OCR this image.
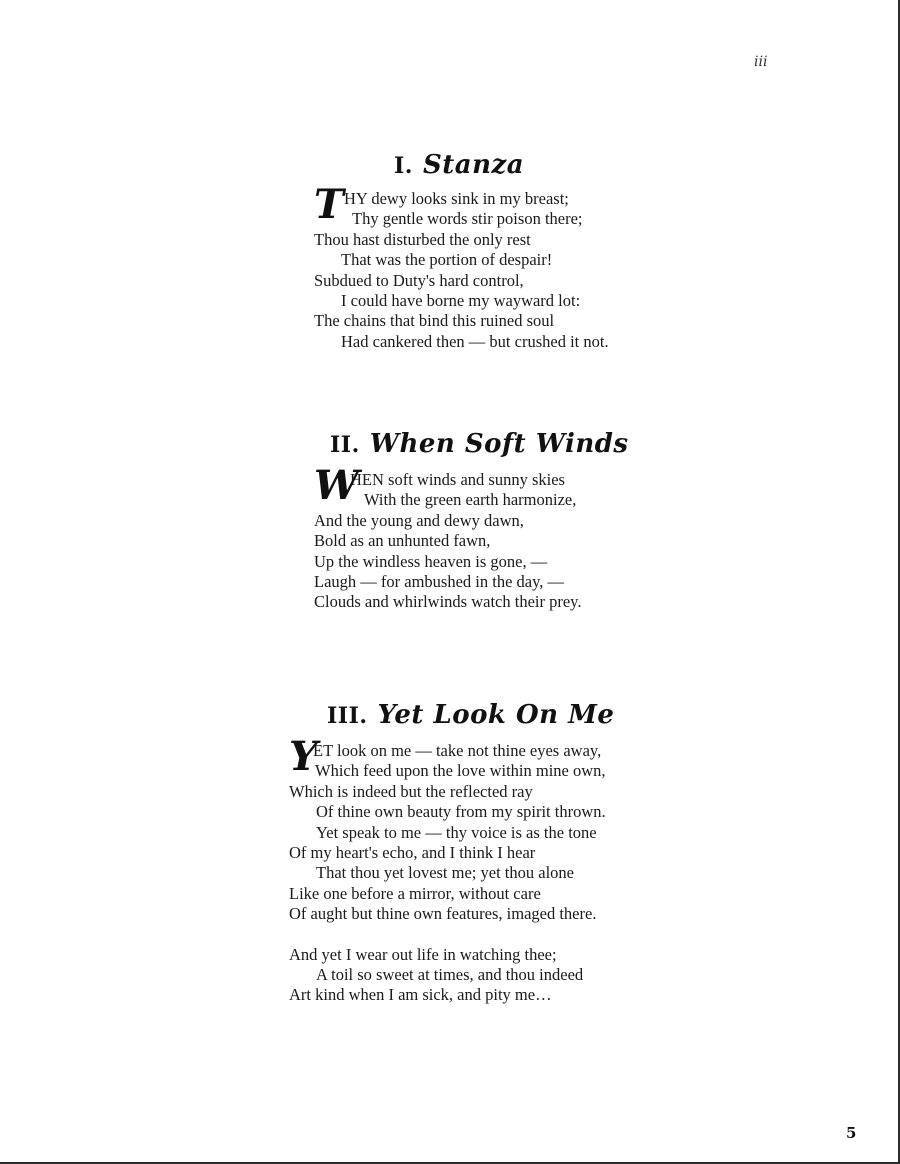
iii
I. Stanza
T HY dewy looks sink in my breast;
Thy gentle words stir poison there;
Thou hast disturbed the only rest
That was the portion of despair!
Subdued to Duty's hard control,
I could have borne my wayward lot:
The chains that bind this ruined soul
Had cankered then — but crushed it not.
II. When Soft Winds
W
HEN soft winds and sunny skies
With the green earth harmonize,
And the young and dewy dawn,
Bold as an unhunted fawn,
Up the windless heaven is gone, —
Laugh — for ambushed in the day, —
Clouds and whirlwinds watch their prey.
III. Yet Look On Me
Y
ET look on me — take not thine eyes away,
Which feed upon the love within mine own,
Which is indeed but the reflected ray
Of thine own beauty from my spirit thrown.
Yet speak to me — thy voice is as the tone
Of my heart's echo, and I think I hear
That thou yet lovest me; yet thou alone
Like one before a mirror, without care
Of aught but thine own features, imaged there.
And yet I wear out life in watching thee;
A toil so sweet at times, and thou indeed
Art kind when I am sick, and pity me…
5
